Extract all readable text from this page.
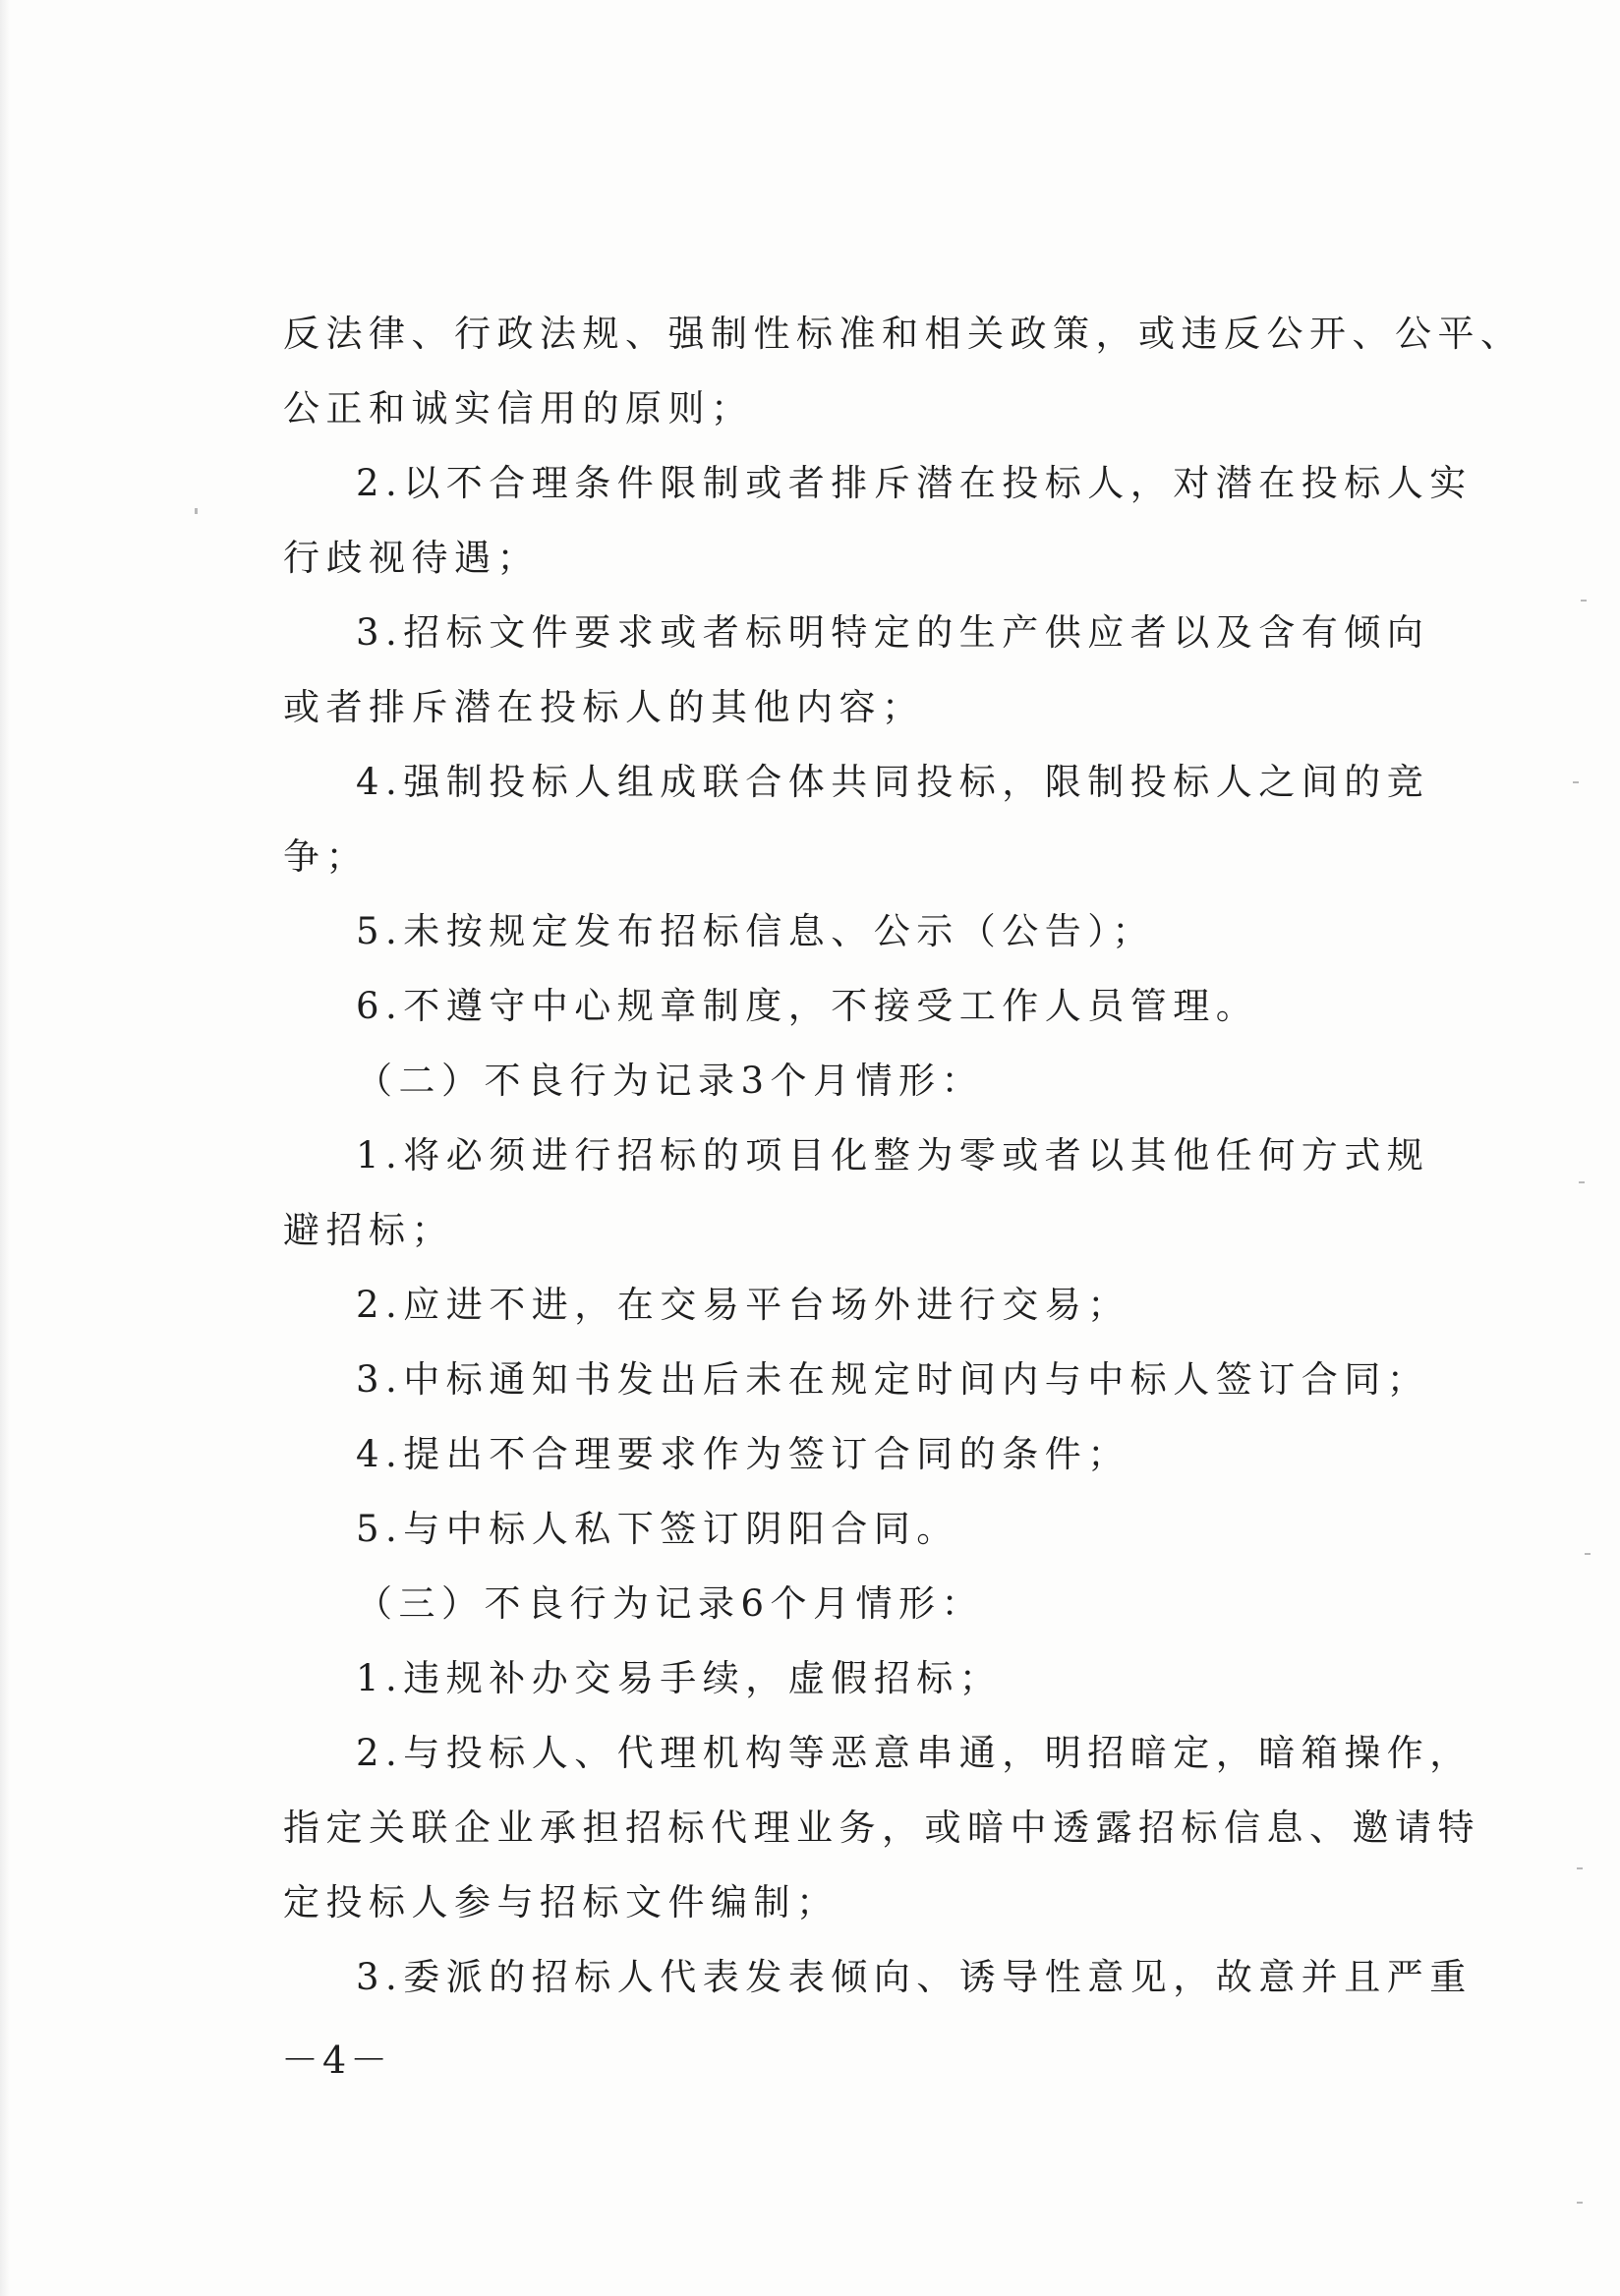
反法律、行政法规、强制性标准和相关政策，或违反公开、公平、
公正和诚实信用的原则；
2.以不合理条件限制或者排斥潜在投标人，对潜在投标人实
行歧视待遇；
3.招标文件要求或者标明特定的生产供应者以及含有倾向
或者排斥潜在投标人的其他内容；
4.强制投标人组成联合体共同投标，限制投标人之间的竞
争；
5.未按规定发布招标信息、公示（公告）；
6.不遵守中心规章制度，不接受工作人员管理。
（二）不良行为记录3个月情形：
1.将必须进行招标的项目化整为零或者以其他任何方式规
避招标；
2.应进不进，在交易平台场外进行交易；
3.中标通知书发出后未在规定时间内与中标人签订合同；
4.提出不合理要求作为签订合同的条件；
5.与中标人私下签订阴阳合同。
（三）不良行为记录6个月情形：
1.违规补办交易手续，虚假招标；
2.与投标人、代理机构等恶意串通，明招暗定，暗箱操作，
指定关联企业承担招标代理业务，或暗中透露招标信息、邀请特
定投标人参与招标文件编制；
3.委派的招标人代表发表倾向、诱导性意见，故意并且严重
－4－
